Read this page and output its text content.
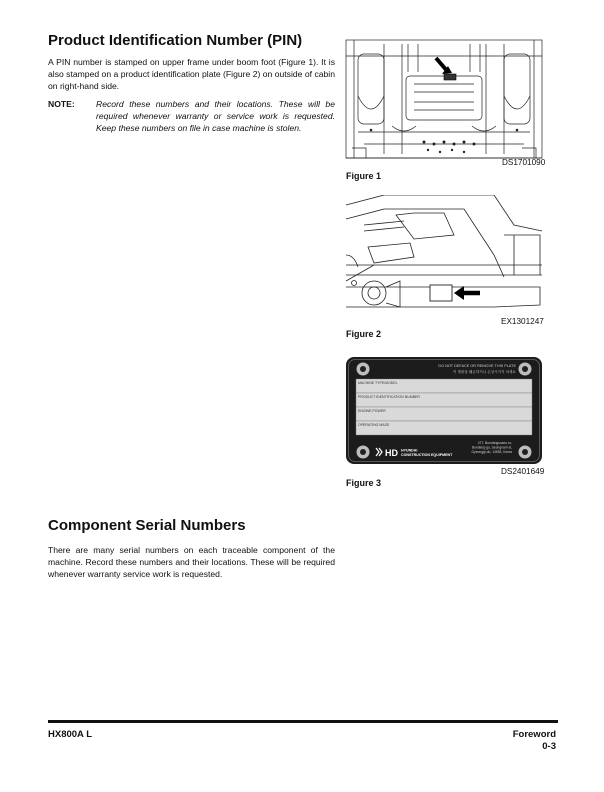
Product Identification Number (PIN)

A PIN number is stamped on upper frame under boom foot (Figure 1). It is also stamped on a product identification plate (Figure 2) on outside of cabin on right-hand side.

NOTE: Record these numbers and their locations. These will be required whenever warranty or service work is requested. Keep these numbers on file in case machine is stolen.
DS1701090
Figure 1
EX1301247
Figure 2
DO NOT DEFACE OR REMOVE THIS PLATE
이 명판을 훼손하거나 손상시키지 마세요
MACHINE TYPE/MODEL
PRODUCT IDENTIFICATION NUMBER
ENGINE POWER
OPERATING MASS
HD HYUNDAI
CONSTRUCTION EQUIPMENT
477, Bundangsuseo-ro,
Bundang-gu, Seongnam-si,
Gyeonggi-do, 13553, Korea
DS2401649
Figure 3
Component Serial Numbers

There are many serial numbers on each traceable component of the machine. Record these numbers and their locations. These will be required whenever warranty service work is requested.

HX800A L	Foreword
0-3
